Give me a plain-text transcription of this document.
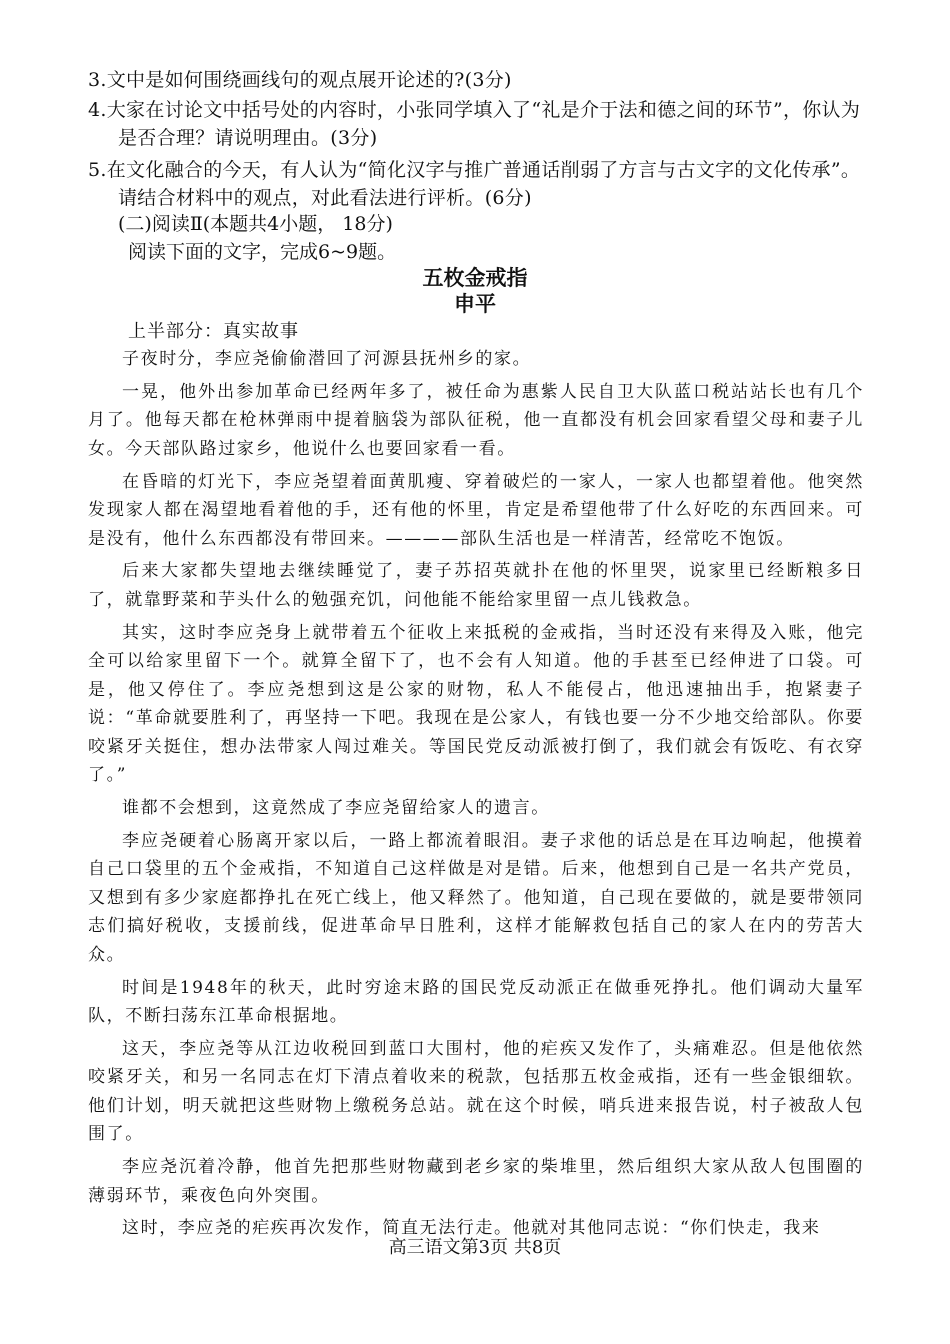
3.文中是如何围绕画线句的观点展开论述的?(3分)
4.大家在讨论文中括号处的内容时，小张同学填入了“礼是介于法和德之间的环节”，你认为
是否合理？请说明理由。(3分)
5.在文化融合的今天，有人认为“简化汉字与推广普通话削弱了方言与古文字的文化传承”。
请结合材料中的观点，对此看法进行评析。(6分)
(二)阅读Ⅱ(本题共4小题， 18分)
阅读下面的文字，完成6~9题。
五枚金戒指
申平
上半部分：真实故事

子夜时分，李应尧偷偷潜回了河源县抚州乡的家。

一晃，他外出参加革命已经两年多了，被任命为惠紫人民自卫大队蓝口税站站长也有几个月了。他每天都在枪林弹雨中提着脑袋为部队征税，他一直都没有机会回家看望父母和妻子儿女。今天部队路过家乡，他说什么也要回家看一看。

在昏暗的灯光下，李应尧望着面黄肌瘦、穿着破烂的一家人，一家人也都望着他。他突然发现家人都在渴望地看着他的手，还有他的怀里，肯定是希望他带了什么好吃的东西回来。可是没有，他什么东西都没有带回来。————部队生活也是一样清苦，经常吃不饱饭。

后来大家都失望地去继续睡觉了，妻子苏招英就扑在他的怀里哭，说家里已经断粮多日了，就靠野菜和芋头什么的勉强充饥，问他能不能给家里留一点儿钱救急。

其实，这时李应尧身上就带着五个征收上来抵税的金戒指，当时还没有来得及入账，他完全可以给家里留下一个。就算全留下了，也不会有人知道。他的手甚至已经伸进了口袋。可是，他又停住了。李应尧想到这是公家的财物，私人不能侵占，他迅速抽出手，抱紧妻子说：“革命就要胜利了，再坚持一下吧。我现在是公家人，有钱也要一分不少地交给部队。你要咬紧牙关挺住，想办法带家人闯过难关。等国民党反动派被打倒了，我们就会有饭吃、有衣穿了。”

谁都不会想到，这竟然成了李应尧留给家人的遗言。

李应尧硬着心肠离开家以后，一路上都流着眼泪。妻子求他的话总是在耳边响起，他摸着自己口袋里的五个金戒指，不知道自己这样做是对是错。后来，他想到自己是一名共产党员，又想到有多少家庭都挣扎在死亡线上，他又释然了。他知道，自己现在要做的，就是要带领同志们搞好税收，支援前线，促进革命早日胜利，这样才能解救包括自己的家人在内的劳苦大众。

时间是1948年的秋天，此时穷途末路的国民党反动派正在做垂死挣扎。他们调动大量军队，不断扫荡东江革命根据地。

这天，李应尧等从江边收税回到蓝口大围村，他的疟疾又发作了，头痛难忍。但是他依然咬紧牙关，和另一名同志在灯下清点着收来的税款，包括那五枚金戒指，还有一些金银细软。他们计划，明天就把这些财物上缴税务总站。就在这个时候，哨兵进来报告说，村子被敌人包围了。

李应尧沉着冷静，他首先把那些财物藏到老乡家的柴堆里，然后组织大家从敌人包围圈的薄弱环节，乘夜色向外突围。

这时，李应尧的疟疾再次发作，简直无法行走。他就对其他同志说：“你们快走，我来

高三语文第3页 共8页
